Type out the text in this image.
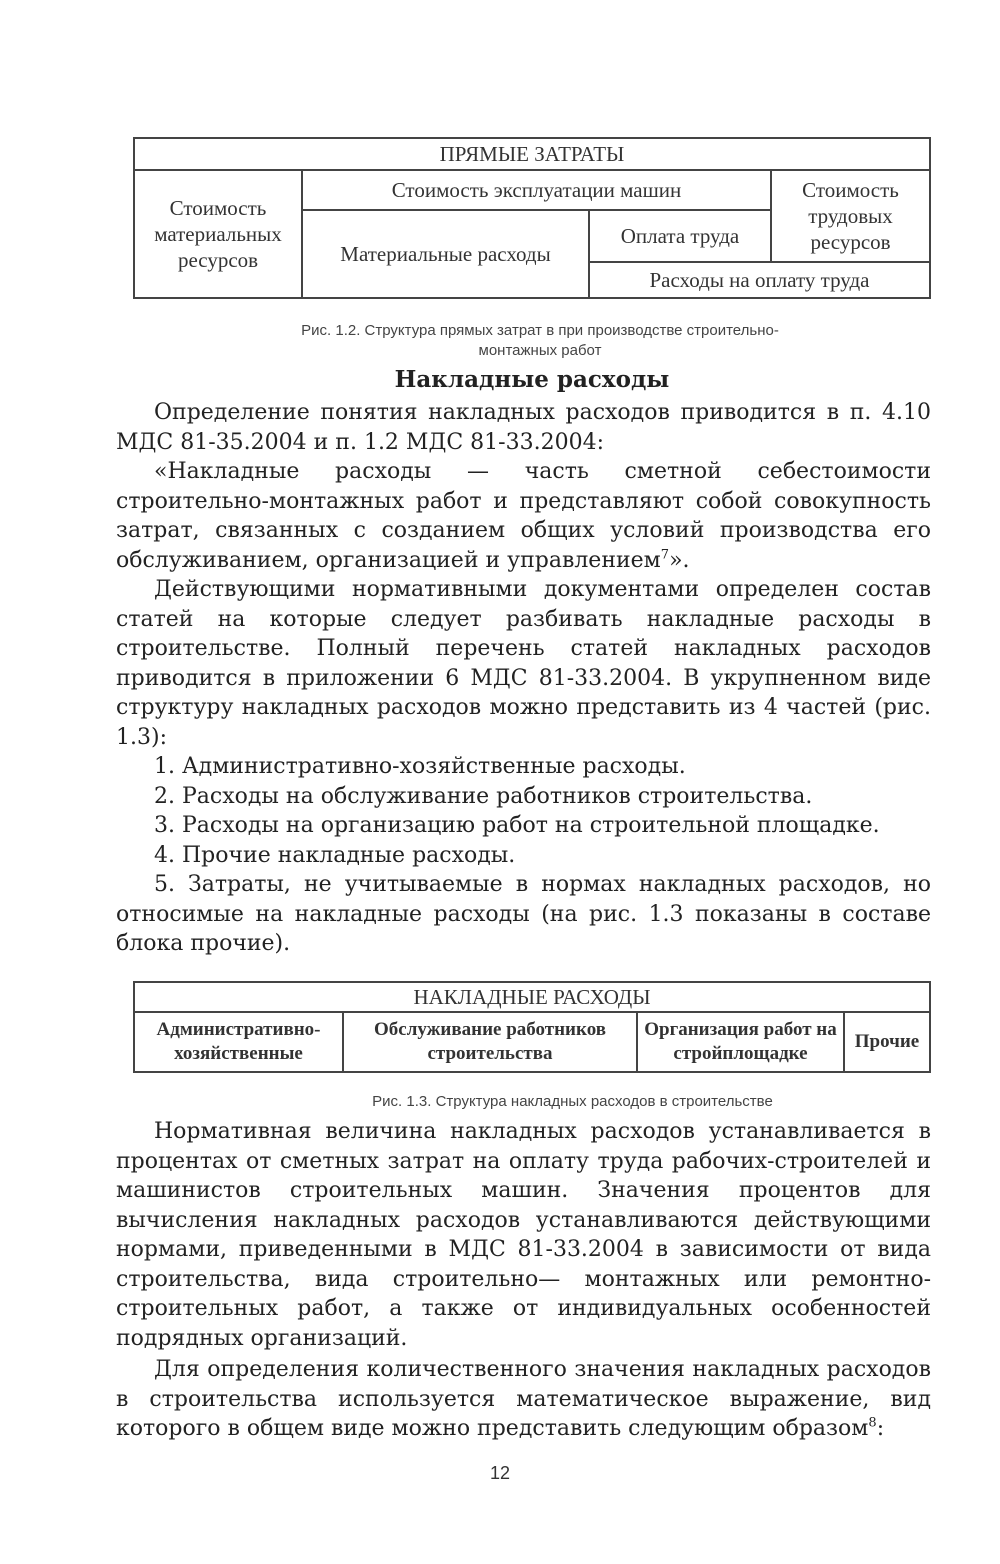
ПРЯМЫЕ ЗАТРАТЫ			
Стоимость материальных ресурсов	Стоимость эксплуатации машин		Стоимость трудовых ресурсов
	Материальные расходы	Оплата труда	
		Расходы на оплату труда	
Рис. 1.2. Структура прямых затрат в при производстве строительно-
монтажных работ
Накладные расходы

Определение понятия накладных расходов приводится в п. 4.10 МДС 81-35.2004 и п. 1.2 МДС 81-33.2004:

«Накладные расходы — часть сметной себестоимости строительно-монтажных работ и представляют собой совокупность затрат, связанных с созданием общих условий производства его обслуживанием, организацией и управлением$^7$».

Действующими нормативными документами определен состав статей на которые следует разбивать накладные расходы в строительстве. Полный перечень статей накладных расходов приводится в приложении 6 МДС 81-33.2004. В укрупненном виде структуру накладных расходов можно представить из 4 частей (рис. 1.3):

1. Административно-хозяйственные расходы.

2. Расходы на обслуживание работников строительства.

3. Расходы на организацию работ на строительной площадке.

4. Прочие накладные расходы.

5. Затраты, не учитываемые в нормах накладных расходов, но относимые на накладные расходы (на рис. 1.3 показаны в составе блока прочие).

НАКЛАДНЫЕ РАСХОДЫ
Административно-хозяйственные	Обслуживание работников строительства	Организация работ на стройплощадке	Прочие
Рис. 1.3. Структура накладных расходов в строительстве

Нормативная величина накладных расходов устанавливается в процентах от сметных затрат на оплату труда рабочих-строителей и машинистов строительных машин. Значения процентов для вычисления накладных расходов устанавливаются действующими нормами, приведенными в МДС 81-33.2004 в зависимости от вида строительства, вида строительно— монтажных или ремонтно-строительных работ, а также от индивидуальных особенностей подрядных организаций.

Для определения количественного значения накладных расходов в строительства используется математическое выражение, вид которого в общем виде можно представить следующим образом$^8$:

12
